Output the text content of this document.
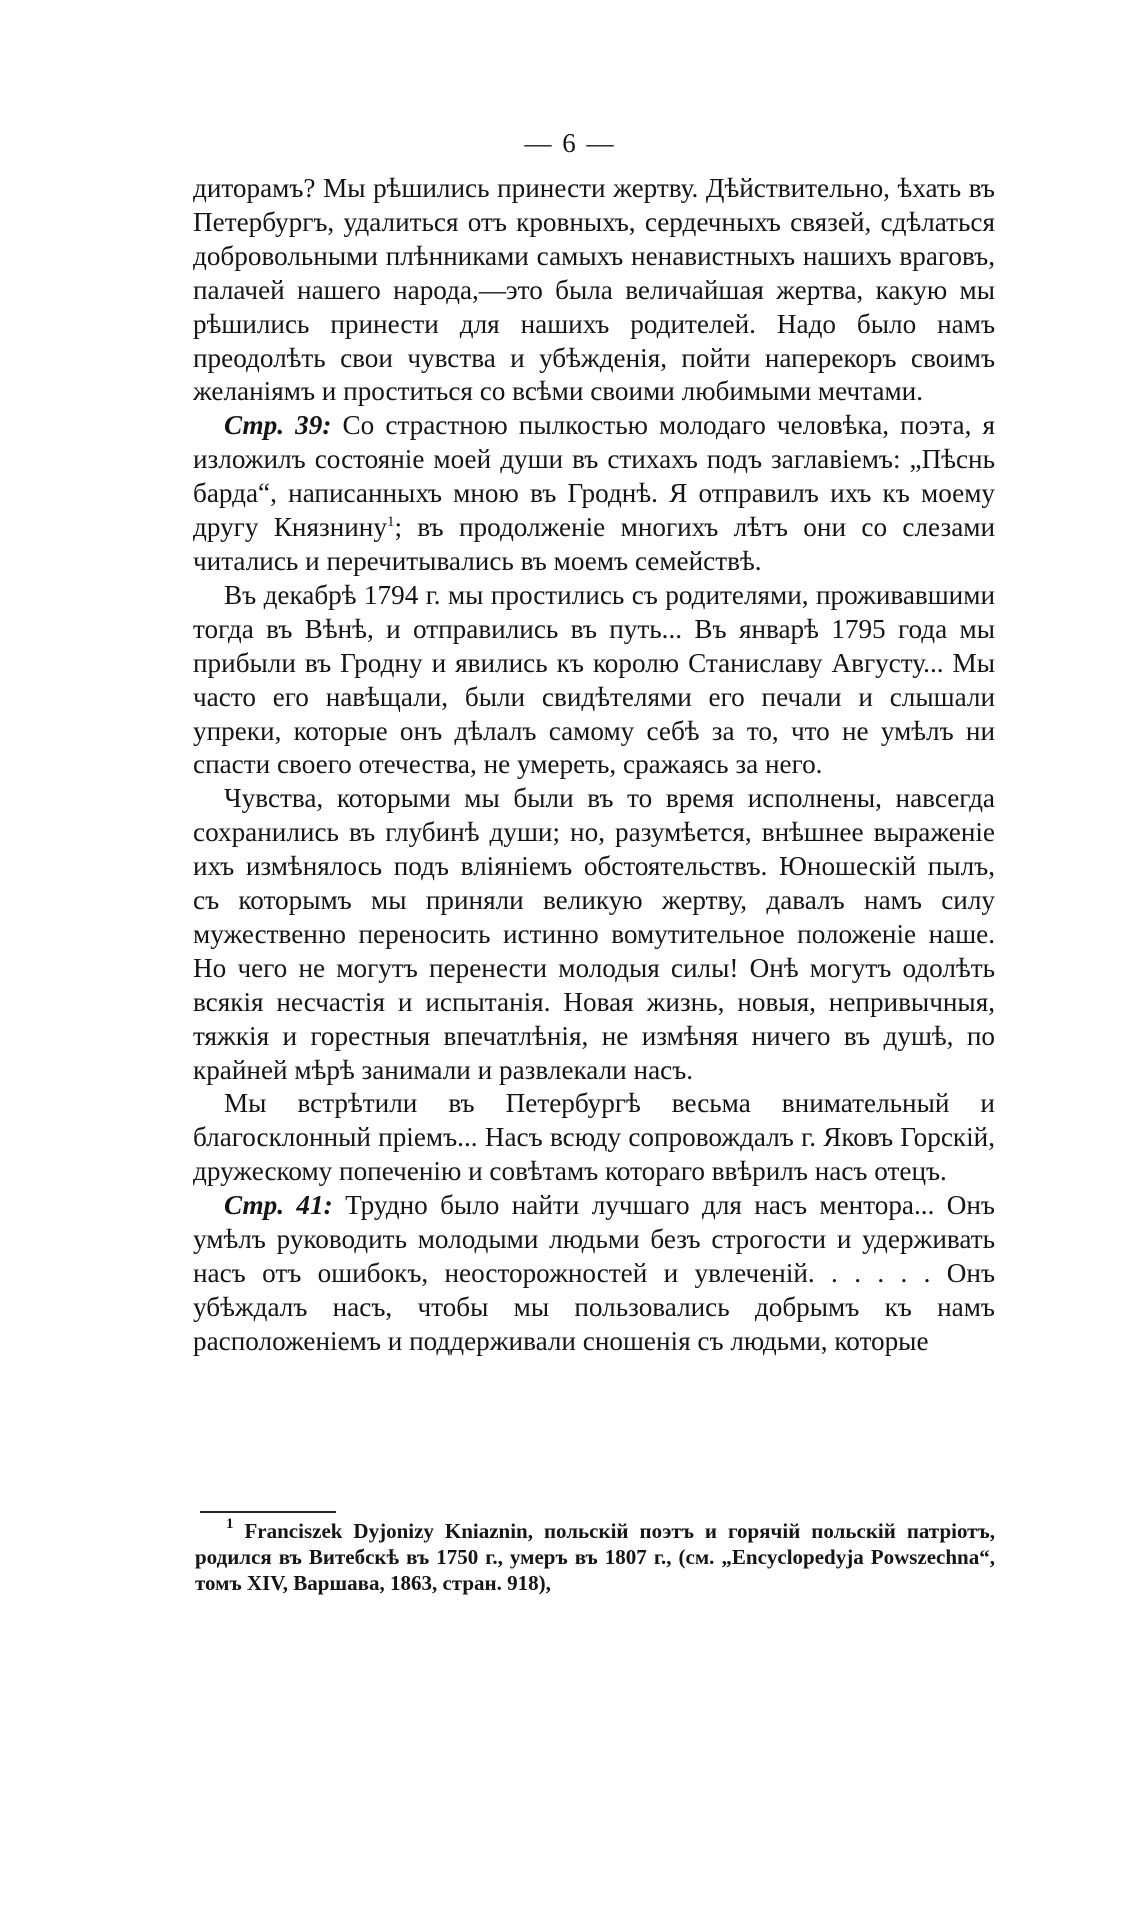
— 6 —

диторамъ? Мы рѣшились принести жертву. Дѣйствительно, ѣхать въ Петербургъ, удалиться отъ кровныхъ, сердечныхъ связей, сдѣлаться добровольными плѣнниками самыхъ ненавистныхъ нашихъ враговъ, палачей нашего народа,—это была величайшая жертва, какую мы рѣшились принести для нашихъ родителей. Надо было намъ преодолѣть свои чувства и убѣжденія, пойти наперекоръ своимъ желаніямъ и проститься со всѣми своими любимыми мечтами.

Стр. 39: Со страстною пылкостью молодаго человѣка, поэта, я изложилъ состояніе моей души въ стихахъ подъ заглавіемъ: „Пѣснь барда“, написанныхъ мною въ Гроднѣ. Я отправилъ ихъ къ моему другу Князнину$^1$; въ продолженіе многихъ лѣтъ они со слезами читались и перечитывались въ моемъ семействѣ.

Въ декабрѣ 1794 г. мы простились съ родителями, проживавшими тогда въ Вѣнѣ, и отправились въ путь... Въ январѣ 1795 года мы прибыли въ Гродну и явились къ королю Станиславу Августу... Мы часто его навѣщали, были свидѣтелями его печали и слышали упреки, которые онъ дѣлалъ самому себѣ за то, что не умѣлъ ни спасти своего отечества, не умереть, сражаясь за него.

Чувства, которыми мы были въ то время исполнены, навсегда сохранились въ глубинѣ души; но, разумѣется, внѣшнее выраженіе ихъ измѣнялось подъ вліяніемъ обстоятельствъ. Юношескій пылъ, съ которымъ мы приняли великую жертву, давалъ намъ силу мужественно переносить истинно вомутительное положеніе наше. Но чего не могутъ перенести молодыя силы! Онѣ могутъ одолѣть всякія несчастія и испытанія. Новая жизнь, новыя, непривычныя, тяжкія и горестныя впечатлѣнія, не измѣняя ничего въ душѣ, по крайней мѣрѣ занимали и развлекали насъ.

Мы встрѣтили въ Петербургѣ весьма внимательный и благосклонный пріемъ... Насъ всюду сопровождалъ г. Яковъ Горскій, дружескому попеченію и совѣтамъ котораго ввѣрилъ насъ отецъ.

Стр. 41: Трудно было найти лучшаго для насъ ментора... Онъ умѣлъ руководить молодыми людьми безъ строгости и удерживать насъ отъ ошибокъ, неосторожностей и увлеченій. . . . . . Онъ убѣждалъ насъ, чтобы мы пользовались добрымъ къ намъ расположеніемъ и поддерживали сношенія съ людьми, которые

$^1$ Franciszek Dyjonizy Kniaznin, польскій поэтъ и горячій польскій патріотъ, родился въ Витебскѣ въ 1750 г., умеръ въ 1807 г., (см. „Encyclopedyja Powszechna“, томъ XIV, Варшава, 1863, стран. 918),
